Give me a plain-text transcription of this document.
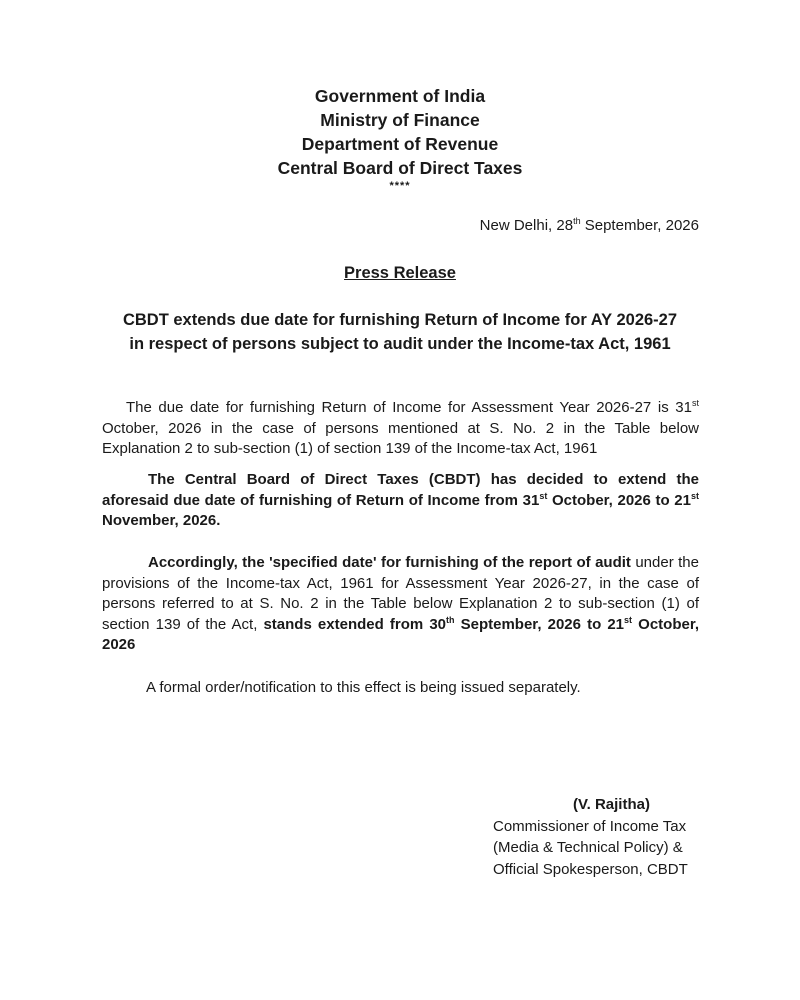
Government of India
Ministry of Finance
Department of Revenue
Central Board of Direct Taxes
****
New Delhi, 28th September, 2026
Press Release
CBDT extends due date for furnishing Return of Income for AY 2026-27
in respect of persons subject to audit under the Income-tax Act, 1961
The due date for furnishing Return of Income for Assessment Year 2026-27 is 31st October, 2026 in the case of persons mentioned at S. No. 2 in the Table below Explanation 2 to sub-section (1) of section 139 of the Income-tax Act, 1961
The Central Board of Direct Taxes (CBDT) has decided to extend the aforesaid due date of furnishing of Return of Income from 31st October, 2026 to 21st November, 2026.
Accordingly, the 'specified date' for furnishing of the report of audit under the provisions of the Income-tax Act, 1961 for Assessment Year 2026-27, in the case of persons referred to at S. No. 2 in the Table below Explanation 2 to sub-section (1) of section 139 of the Act, stands extended from 30th September, 2026 to 21st October, 2026
A formal order/notification to this effect is being issued separately.
(V. Rajitha)
Commissioner of Income Tax
(Media & Technical Policy) &
Official Spokesperson, CBDT
